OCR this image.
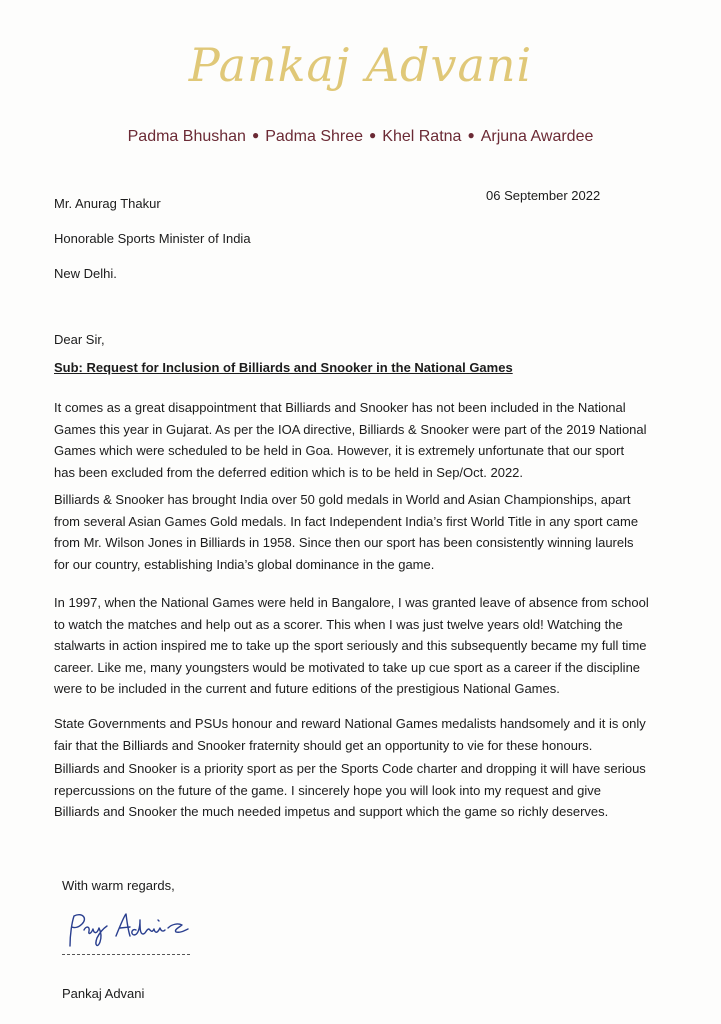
Pankaj Advani
Padma Bhushan ● Padma Shree ● Khel Ratna ● Arjuna Awardee
06 September 2022
Mr. Anurag Thakur
Honorable Sports Minister of India
New Delhi.
Dear Sir,
Sub: Request for Inclusion of Billiards and Snooker in the National Games
It comes as a great disappointment that Billiards and Snooker has not been included in the National
Games this year in Gujarat. As per the IOA directive, Billiards & Snooker were part of the 2019 National
Games which were scheduled to be held in Goa. However, it is extremely unfortunate that our sport
has been excluded from the deferred edition which is to be held in Sep/Oct. 2022.
Billiards & Snooker has brought India over 50 gold medals in World and Asian Championships, apart
from several Asian Games Gold medals. In fact Independent India’s first World Title in any sport came
from Mr. Wilson Jones in Billiards in 1958. Since then our sport has been consistently winning laurels
for our country, establishing India’s global dominance in the game.
In 1997, when the National Games were held in Bangalore, I was granted leave of absence from school
to watch the matches and help out as a scorer. This when I was just twelve years old! Watching the
stalwarts in action inspired me to take up the sport seriously and this subsequently became my full time
career. Like me, many youngsters would be motivated to take up cue sport as a career if the discipline
were to be included in the current and future editions of the prestigious National Games.
State Governments and PSUs honour and reward National Games medalists handsomely and it is only
fair that the Billiards and Snooker fraternity should get an opportunity to vie for these honours.
Billiards and Snooker is a priority sport as per the Sports Code charter and dropping it will have serious
repercussions on the future of the game. I sincerely hope you will look into my request and give
Billiards and Snooker the much needed impetus and support which the game so richly deserves.
With warm regards,
Pankaj Advani
